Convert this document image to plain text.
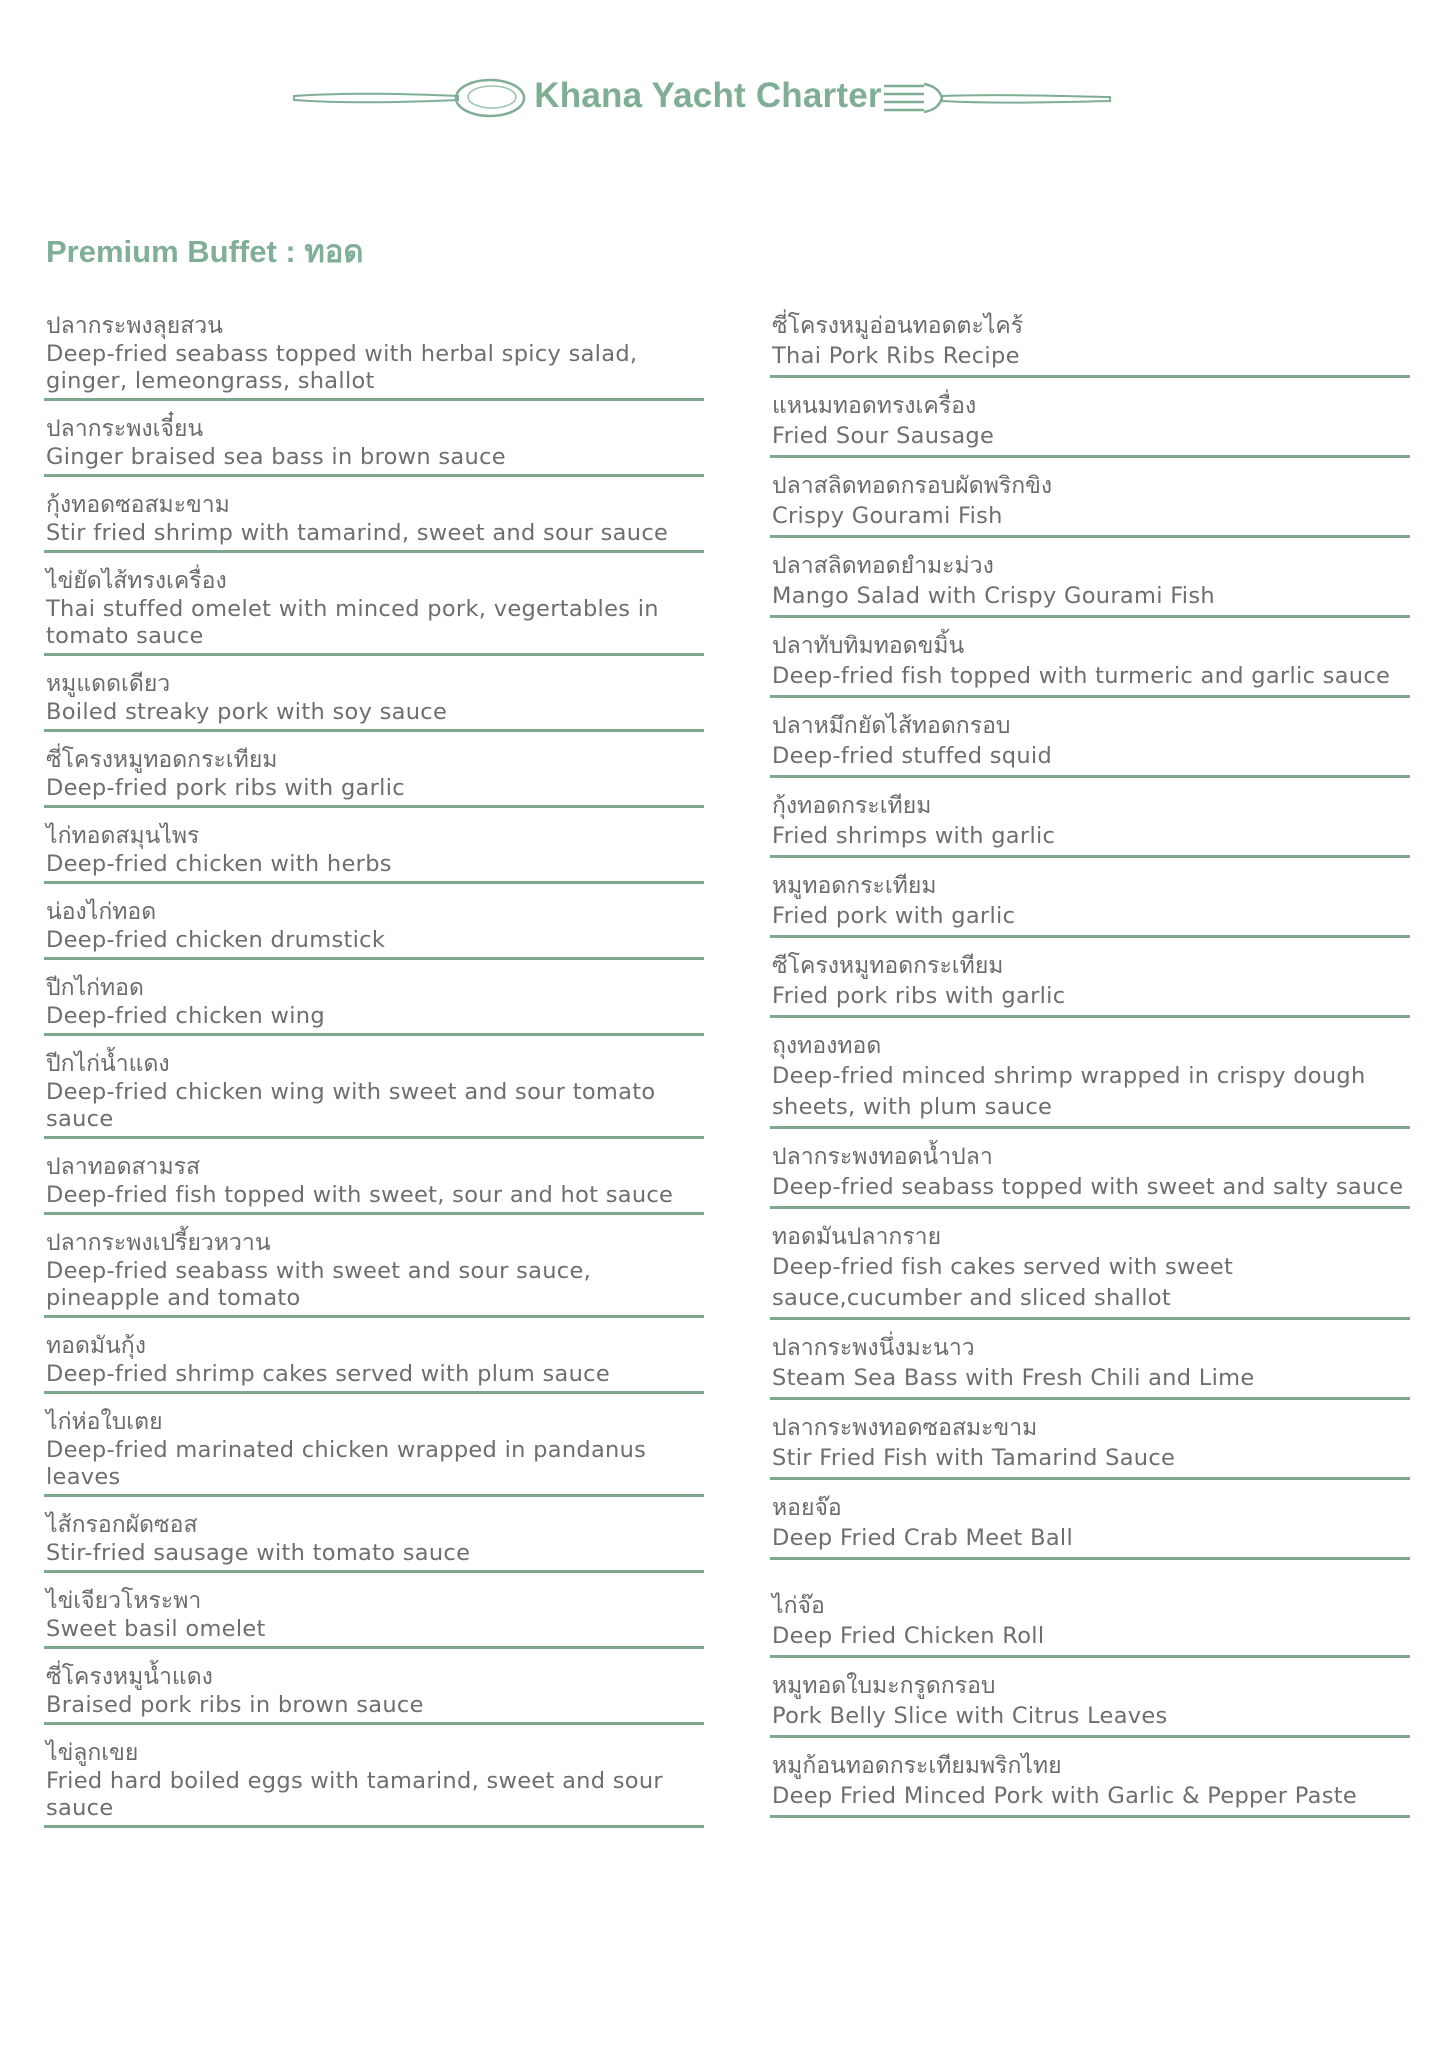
Khana Yacht Charter
Premium Buffet : ทอด
ปลากระพงลุยสวน
Deep-fried seabass topped with herbal spicy salad, ginger, lemeongrass, shallot
ปลากระพงเจี๋ยน
Ginger braised sea bass in brown sauce
กุ้งทอดซอสมะขาม
Stir fried shrimp with tamarind, sweet and sour sauce
ไข่ยัดไส้ทรงเครื่อง
Thai stuffed omelet with minced pork, vegertables in tomato sauce
หมูแดดเดียว
Boiled streaky pork with soy sauce
ซี่โครงหมูทอดกระเทียม
Deep-fried pork ribs with garlic
ไก่ทอดสมุนไพร
Deep-fried chicken with herbs
น่องไก่ทอด
Deep-fried chicken drumstick
ปีกไก่ทอด
Deep-fried chicken wing
ปีกไก่น้ำแดง
Deep-fried chicken wing with sweet and sour tomato sauce
ปลาทอดสามรส
Deep-fried fish topped with sweet, sour and hot sauce
ปลากระพงเปรี้ยวหวาน
Deep-fried seabass with sweet and sour sauce, pineapple and tomato
ทอดมันกุ้ง
Deep-fried shrimp cakes served with plum sauce
ไก่ห่อใบเตย
Deep-fried marinated chicken wrapped in pandanus leaves
ไส้กรอกผัดซอส
Stir-fried sausage with tomato sauce
ไข่เจียวโหระพา
Sweet basil omelet
ซี่โครงหมูน้ำแดง
Braised pork ribs in brown sauce
ไข่ลูกเขย
Fried hard boiled eggs with tamarind, sweet and sour sauce
ซี่โครงหมูอ่อนทอดตะไคร้
Thai Pork Ribs Recipe
แหนมทอดทรงเครื่อง
Fried Sour Sausage
ปลาสลิดทอดกรอบผัดพริกขิง
Crispy Gourami Fish
ปลาสลิดทอดยำมะม่วง
Mango Salad with Crispy Gourami Fish
ปลาทับทิมทอดขมิ้น
Deep-fried fish topped with turmeric and garlic sauce
ปลาหมึกยัดไส้ทอดกรอบ
Deep-fried stuffed squid
กุ้งทอดกระเทียม
Fried shrimps with garlic
หมูทอดกระเทียม
Fried pork with garlic
ซีโครงหมูทอดกระเทียม
Fried pork ribs with garlic
ถุงทองทอด
Deep-fried minced shrimp wrapped in crispy dough sheets, with plum sauce
ปลากระพงทอดน้ำปลา
Deep-fried seabass topped with sweet and salty sauce
ทอดมันปลากราย
Deep-fried fish cakes served with sweet sauce,cucumber and sliced shallot
ปลากระพงนึ่งมะนาว
Steam Sea Bass with Fresh Chili and Lime
ปลากระพงทอดซอสมะขาม
Stir Fried Fish with Tamarind Sauce
หอยจ๊อ
Deep Fried Crab Meet Ball
ไก่จ๊อ
Deep Fried Chicken Roll
หมูทอดใบมะกรูดกรอบ
Pork Belly Slice with Citrus Leaves
หมูก้อนทอดกระเทียมพริกไทย
Deep Fried Minced Pork with Garlic & Pepper Paste
